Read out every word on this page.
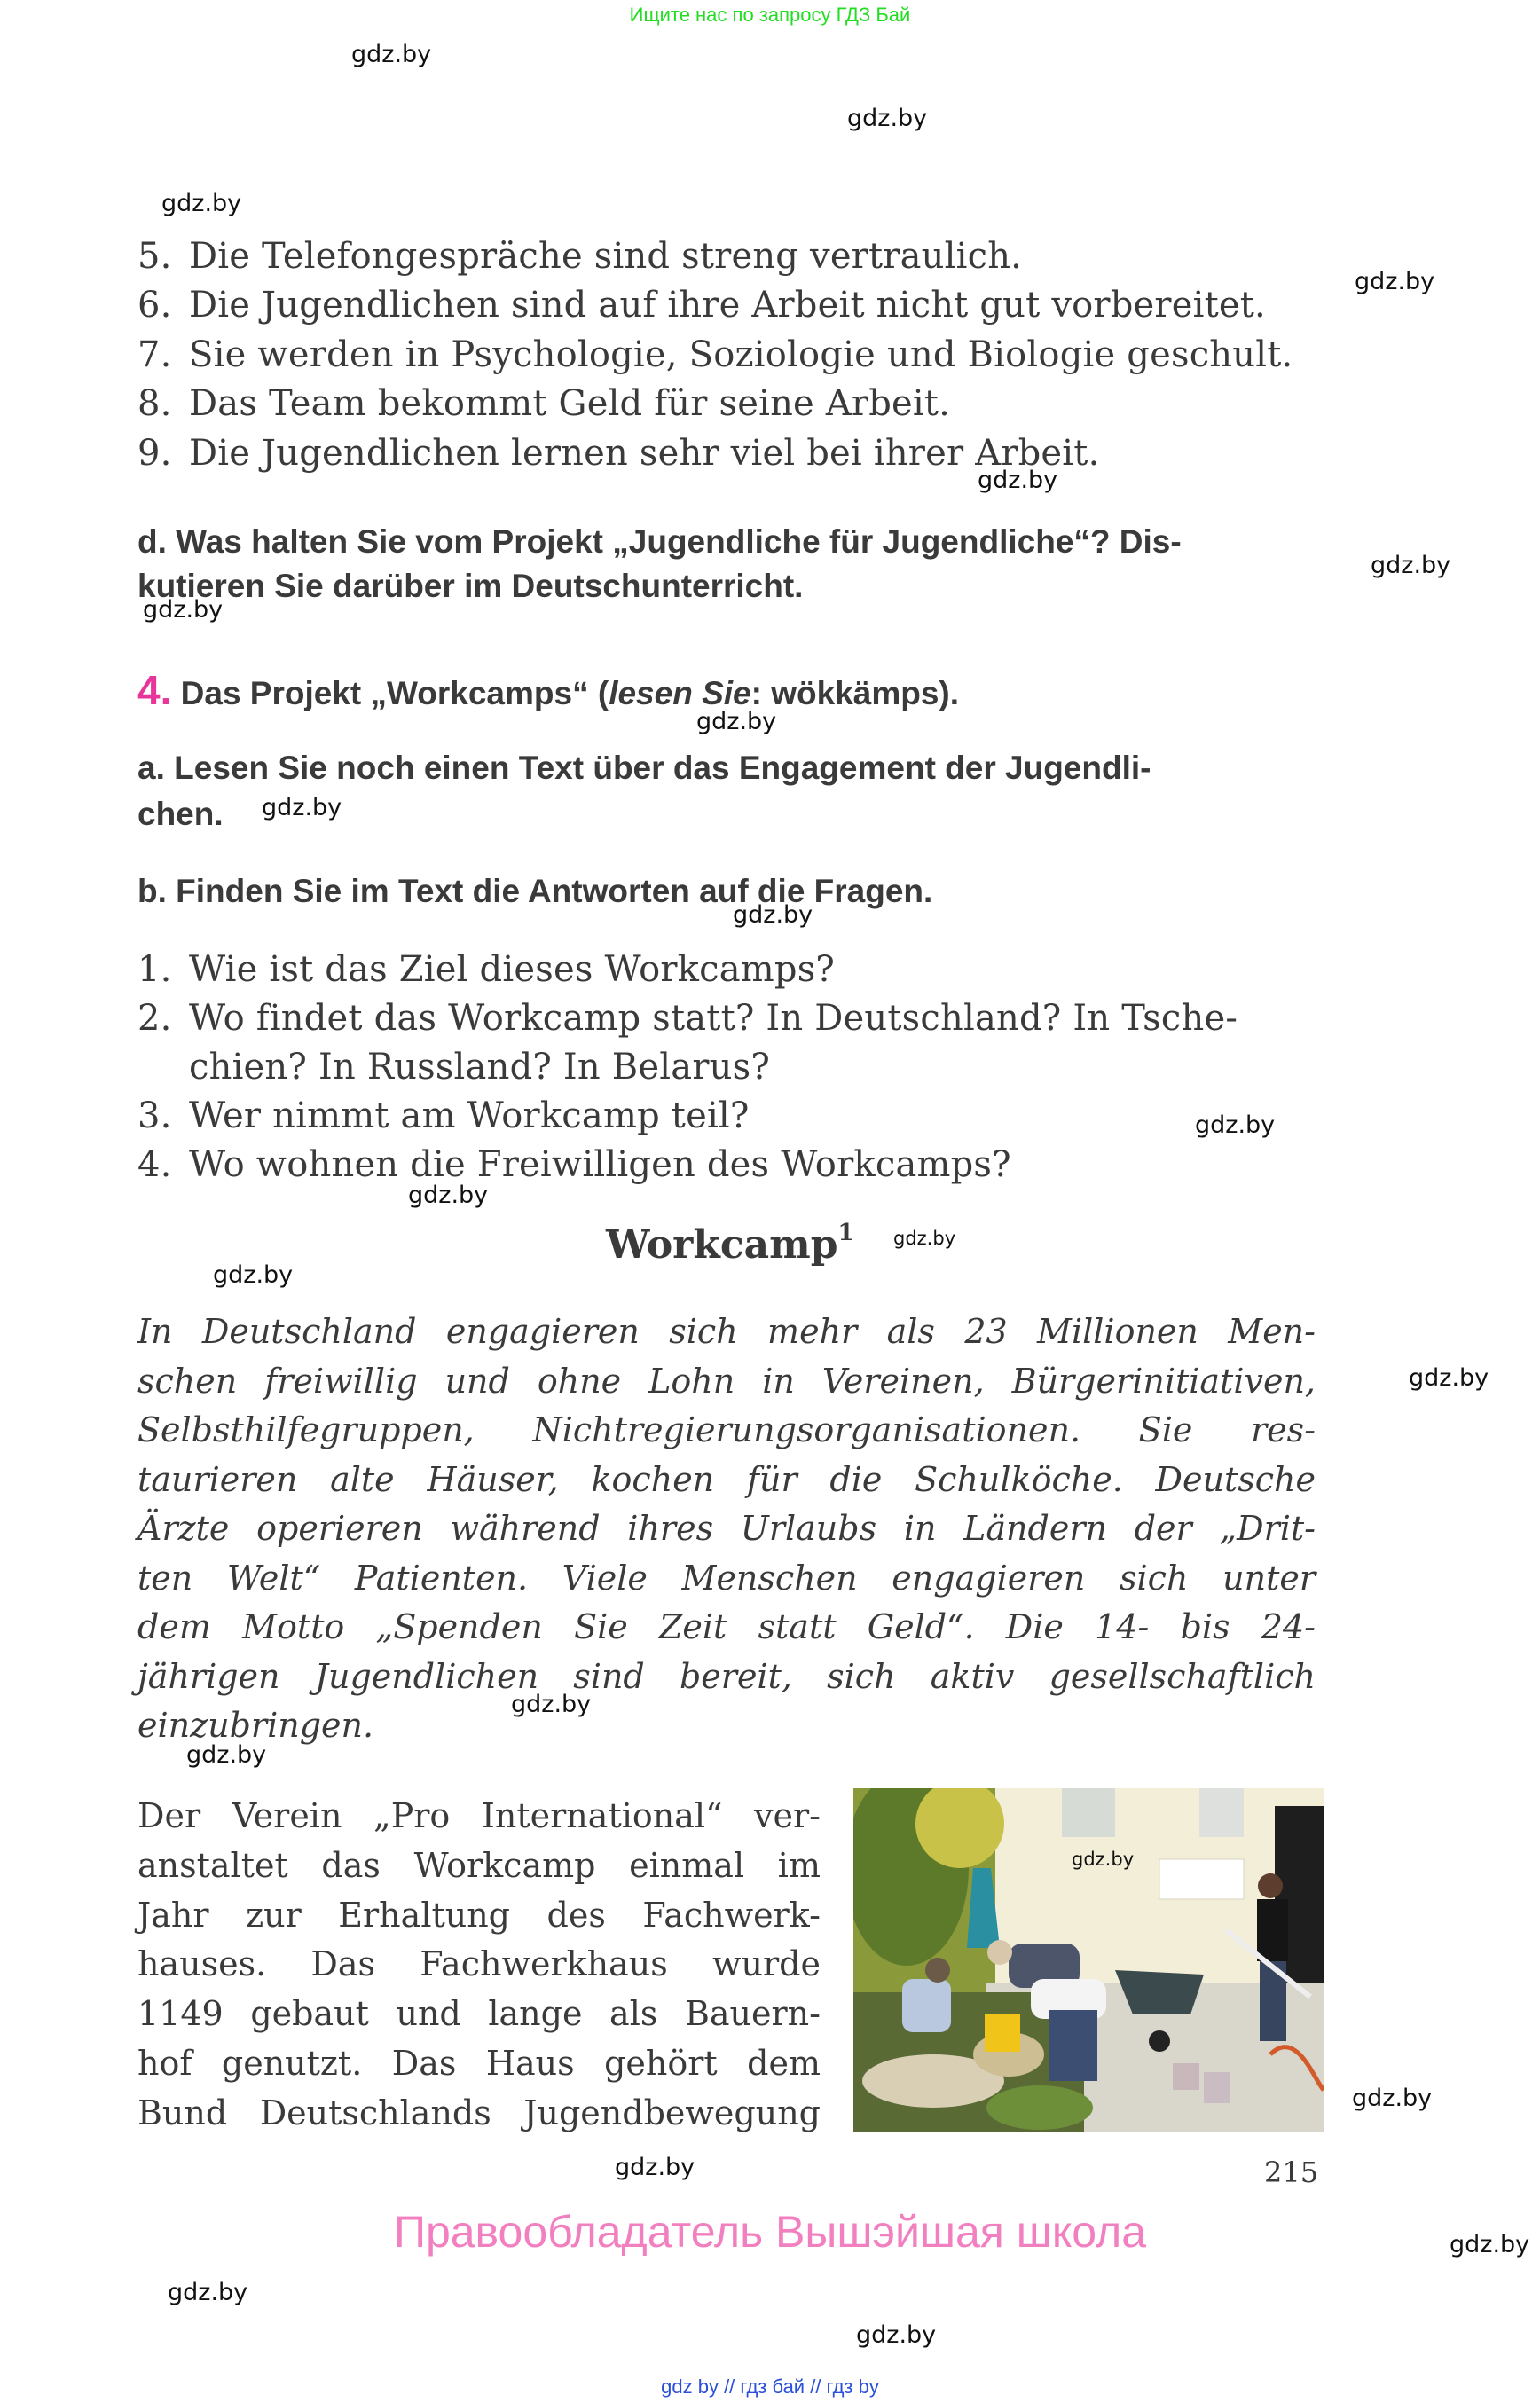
Ищите нас по запросу ГДЗ Бай
gdz.by
gdz.by
gdz.by
gdz.by
gdz.by
gdz.by
gdz.by
gdz.by
gdz.by
gdz.by
gdz.by
gdz.by
gdz.by
gdz.by
gdz.by
gdz.by
gdz.by
gdz.by
gdz.by
gdz.by
gdz.by
gdz.by
5. Die Telefongespräche sind streng vertraulich.
6. Die Jugendlichen sind auf ihre Arbeit nicht gut vorbereitet.
7. Sie werden in Psychologie, Soziologie und Biologie geschult.
8. Das Team bekommt Geld für seine Arbeit.
9. Die Jugendlichen lernen sehr viel bei ihrer Arbeit.
d. Was halten Sie vom Projekt „Jugendliche für Jugendliche“? Dis-
kutieren Sie darüber im Deutschunterricht.
4. Das Projekt „Workcamps“ (lesen Sie: wökkämps).
a. Lesen Sie noch einen Text über das Engagement der Jugendli-
chen.
b. Finden Sie im Text die Antworten auf die Fragen.
1. Wie ist das Ziel dieses Workcamps?
2. Wo findet das Workcamp statt? In Deutschland? In Tsche-
chien? In Russland? In Belarus?
3. Wer nimmt am Workcamp teil?
4. Wo wohnen die Freiwilligen des Workcamps?
Workcamp$^1$
In Deutschland engagieren sich mehr als 23 Millionen Men-
schen freiwillig und ohne Lohn in Vereinen, Bürgerinitiativen,
Selbsthilfegruppen, Nichtregierungsorganisationen. Sie res-
taurieren alte Häuser, kochen für die Schulköche. Deutsche
Ärzte operieren während ihres Urlaubs in Ländern der „Drit-
ten Welt“ Patienten. Viele Menschen engagieren sich unter
dem Motto „Spenden Sie Zeit statt Geld“. Die 14- bis 24-
jährigen Jugendlichen sind bereit, sich aktiv gesellschaftlich
einzubringen.
Der Verein „Pro International“ ver-
anstaltet das Workcamp einmal im
Jahr zur Erhaltung des Fachwerk-
hauses. Das Fachwerkhaus wurde
1149 gebaut und lange als Bauern-
hof genutzt. Das Haus gehört dem
Bund Deutschlands Jugendbewegung
gdz.by
215
Правообладатель Вышэйшая школа
gdz by // гдз бай // гдз by
